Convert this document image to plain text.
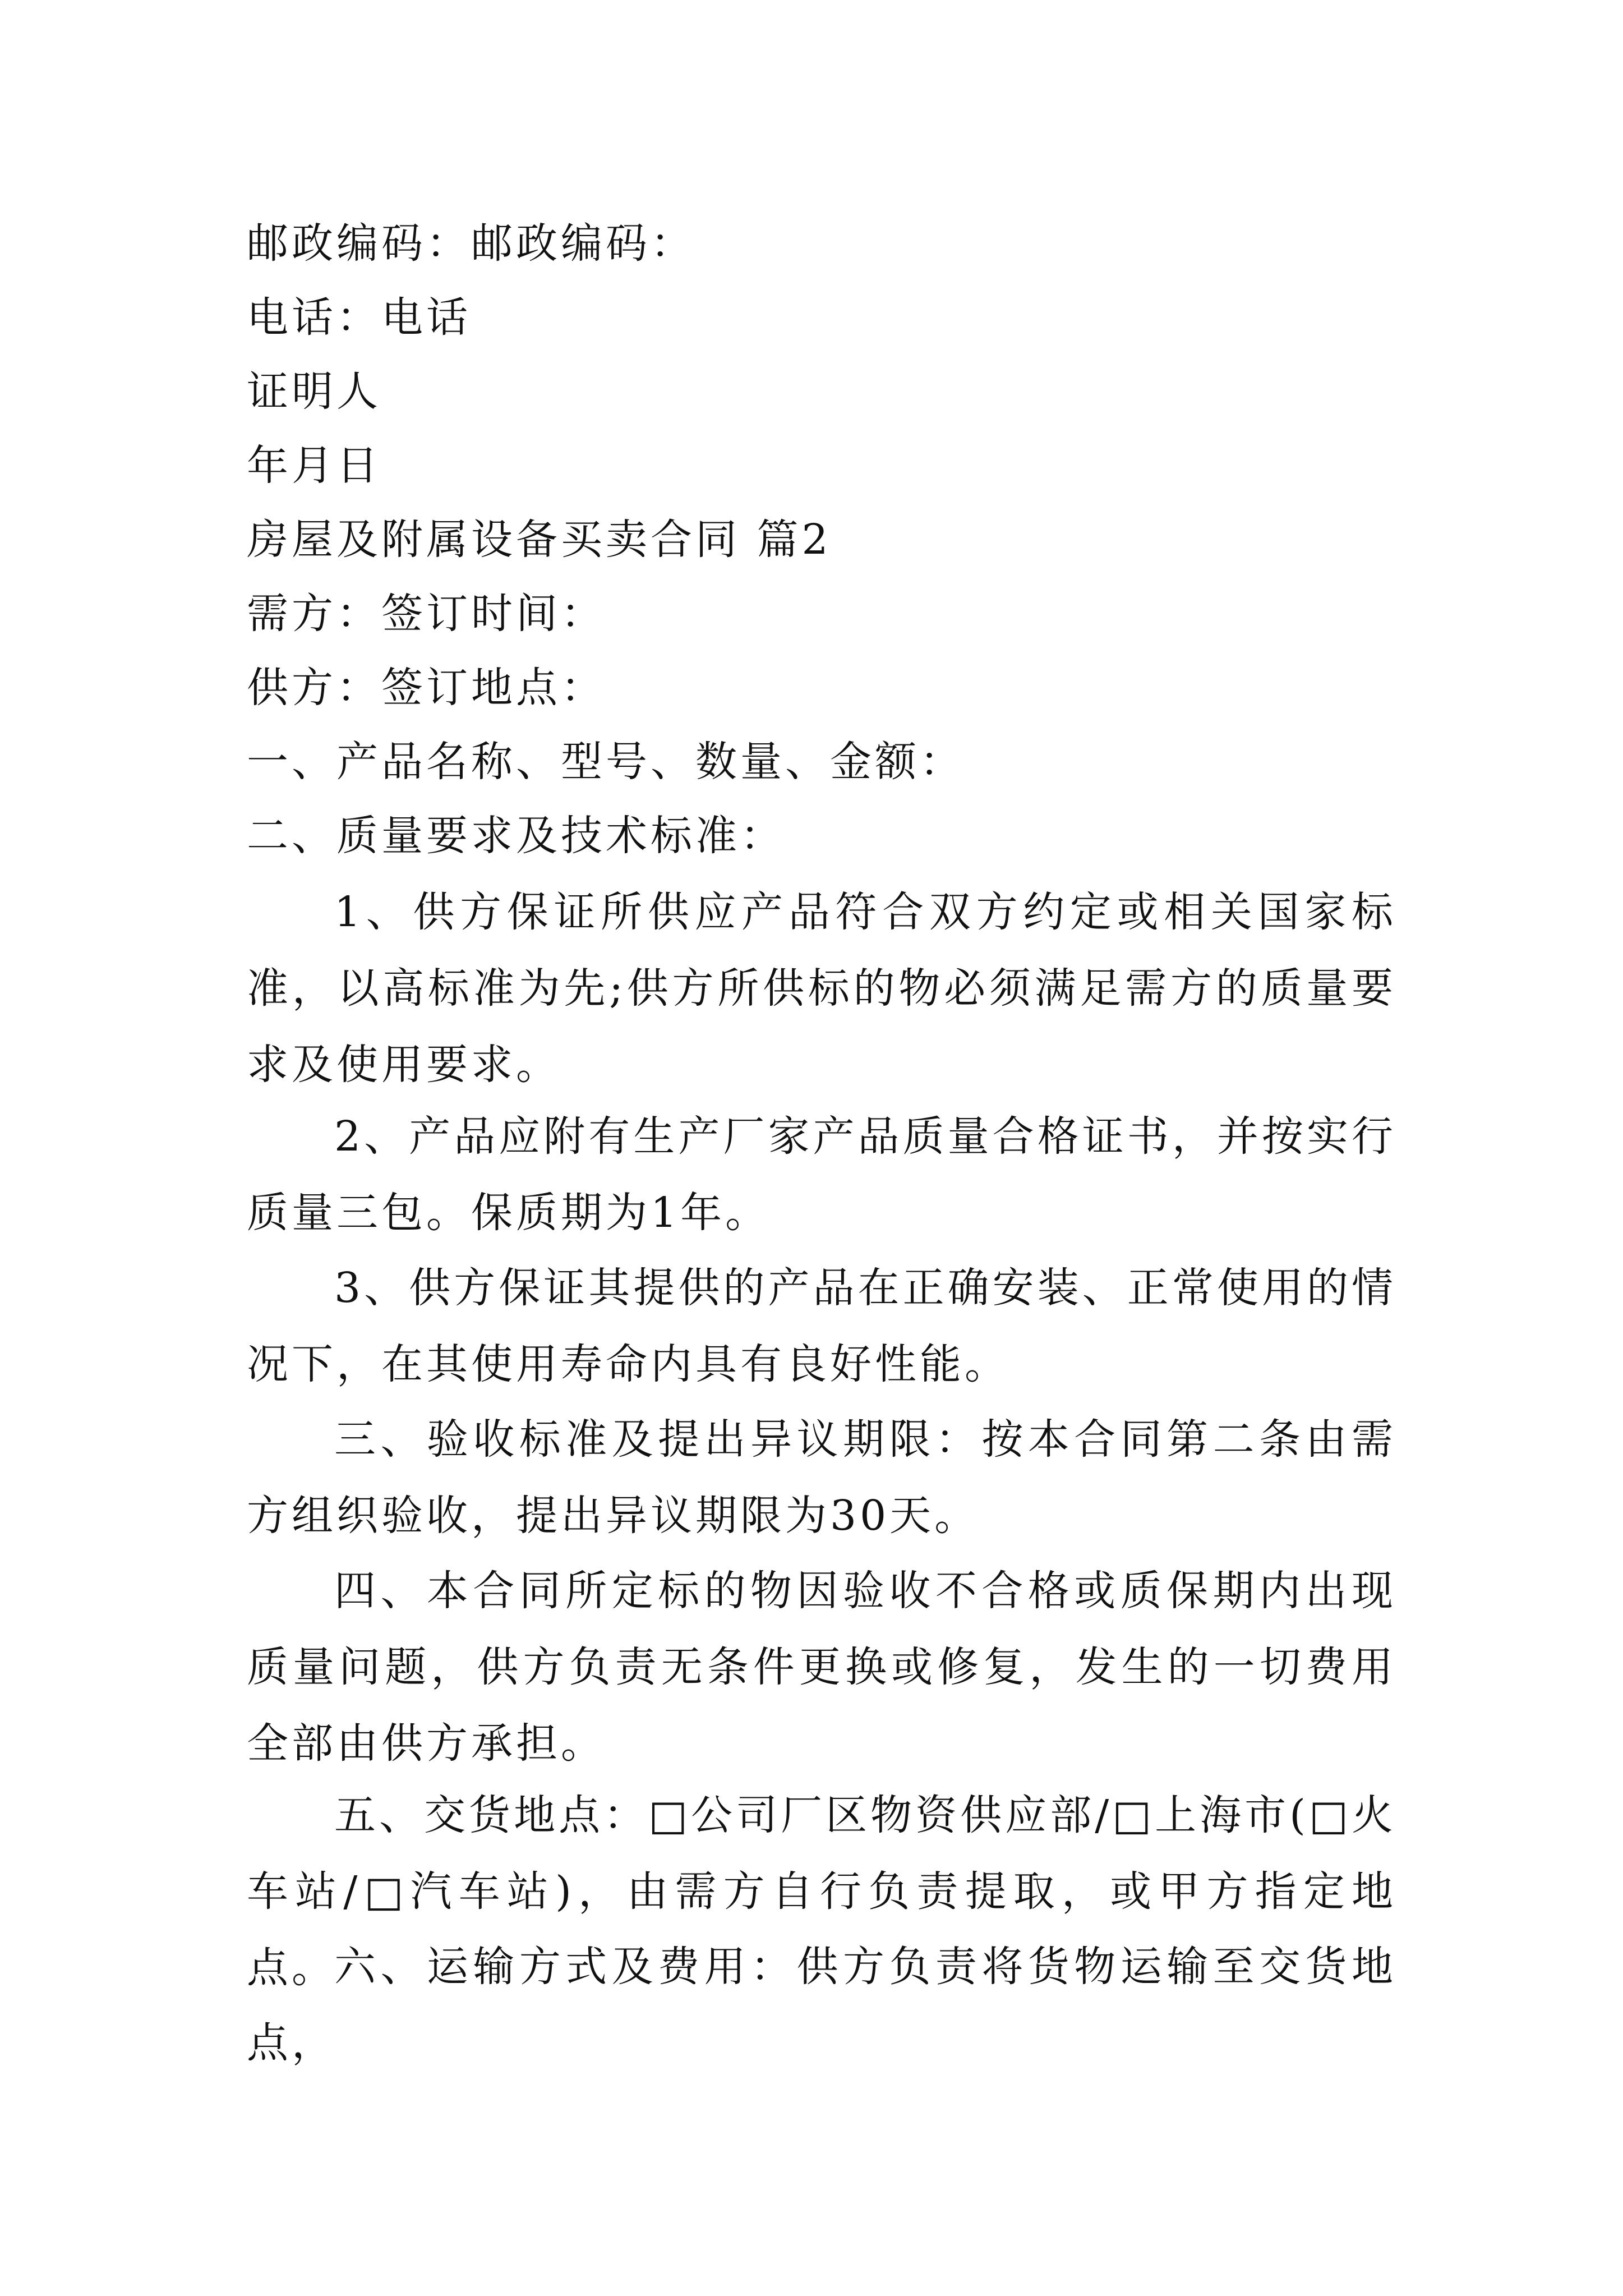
邮政编码：邮政编码：
电话：电话
证明人
年月日
房屋及附属设备买卖合同 篇2
需方：签订时间：
供方：签订地点：
一、产品名称、型号、数量、金额：
二、质量要求及技术标准：
1、供方保证所供应产品符合双方约定或相关国家标准，以高标准为先;供方所供标的物必须满足需方的质量要求及使用要求。
2、产品应附有生产厂家产品质量合格证书，并按实行质量三包。保质期为1年。
3、供方保证其提供的产品在正确安装、正常使用的情况下，在其使用寿命内具有良好性能。
三、验收标准及提出异议期限：按本合同第二条由需方组织验收，提出异议期限为30天。
四、本合同所定标的物因验收不合格或质保期内出现质量问题，供方负责无条件更换或修复，发生的一切费用全部由供方承担。
五、交货地点：□公司厂区物资供应部/□上海市(□火车站/□汽车站)，由需方自行负责提取，或甲方指定地点。
六、运输方式及费用：供方负责将货物运输至交货地点，
